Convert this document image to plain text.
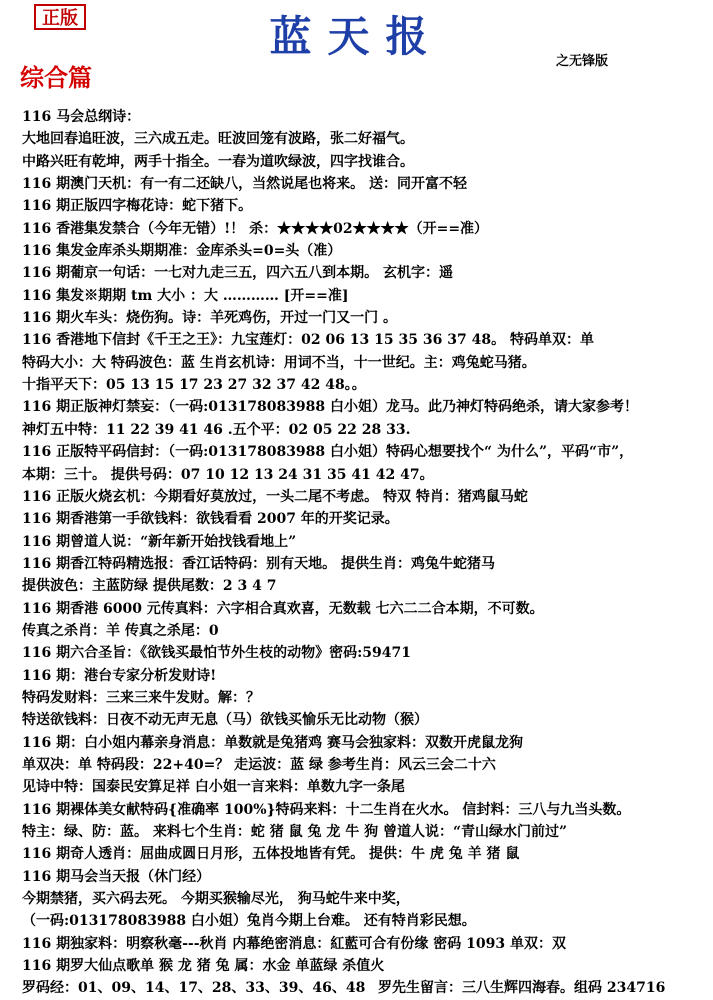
正版	蓝天报
之无锋版
综合篇
116 马会总纲诗：
大地回春追旺波，三六成五走。旺波回笼有波路，张二好福气。
中路兴旺有乾坤，两手十指全。一春为道吹绿波，四字找谁合。
116 期澳门天机：有一有二还缺八，当然说尾也将来。 送：同开富不轻
116 期正版四字梅花诗：蛇下猪下。
116 香港集发禁合（今年无错）!！ 杀：★★★★02★★★★（开==准）
116 集发金库杀头期期准：金库杀头=0=头（准）
116 期葡京一句话：一七对九走三五，四六五八到本期。 玄机字：遥
116 集发※期期 tm 大小 ：大 ………… [开==准]
116 期火车头：烧伤狗。诗：羊死鸡伤，开过一门又一门 。
116 香港地下信封《千王之王》：九宝莲灯：02 06 13 15 35 36 37 48。 特码单双：单
特码大小：大 特码波色：蓝 生肖玄机诗：用词不当，十一世纪。主：鸡兔蛇马猪。
十指平天下：05 13 15 17 23 27 32 37 42 48。。
116 期正版神灯禁妄：（一码:013178083988 白小姐）龙马。此乃神灯特码绝杀，请大家参考！
神灯五中特：11 22 39 41 46 .五个平：02 05 22 28 33.
116 正版特平码信封：（一码:013178083988 白小姐）特码心想要找个“ 为什么”，平码“市”，
本期：三十。 提供号码：07 10 12 13 24 31 35 41 42 47。
116 正版火烧玄机：今期看好莫放过，一头二尾不考虑。 特双 特肖：猪鸡鼠马蛇
116 期香港第一手欲钱料：欲钱看看 2007 年的开奖记录。
116 期曾道人说：“新年新开始找钱看地上”
116 期香江特码精选报：香江话特码：别有天地。 提供生肖：鸡兔牛蛇猪马
提供波色：主蓝防绿 提供尾数：2 3 4 7
116 期香港 6000 元传真料：六字相合真欢喜，无数载 七六二二合本期，不可数。
传真之杀肖：羊 传真之杀尾：0
116 期六合圣旨：《欲钱买最怕节外生枝的动物》密码:59471
116 期：港台专家分析发财诗!
特码发财料：三来三来牛发财。解：？
特送欲钱料：日夜不动无声无息（马）欲钱买愉乐无比动物（猴）
116 期：白小姐内幕亲身消息：单数就是兔猪鸡 赛马会独家料：双数开虎鼠龙狗
单双决：单 特码段：22+40=？ 走运波：蓝 绿 参考生肖：风云三会二十六
见诗中特：国泰民安算足祥 白小姐一言来料：单数九字一条尾
116 期裸体美女献特码{准确率 100%}特码来料：十二生肖在火水。 信封料：三八与九当头数。
特主：绿、防：蓝。 来料七个生肖：蛇 猪 鼠 兔 龙 牛 狗 曾道人说：“青山绿水门前过”
116 期奇人透肖：屈曲成圆日月形，五体投地皆有凭。 提供：牛 虎 兔 羊 猪 鼠
116 期马会当天报（休门经）
今期禁猪，买六码去死。 今期买猴输尽光， 狗马蛇牛来中奖，
（一码:013178083988 白小姐）兔肖今期上台难。 还有特肖彩民想。
116 期独家料：明察秋毫---秋肖 内幕绝密消息：紅藍可合有份缘 密码 1093 单双：双
116 期罗大仙点歌单 猴 龙 猪 兔 属：水金 单蓝绿 杀值火
罗码经：01、09、14、17、28、33、39、46、48 罗先生留言：三八生辉四海春。组码 234716
